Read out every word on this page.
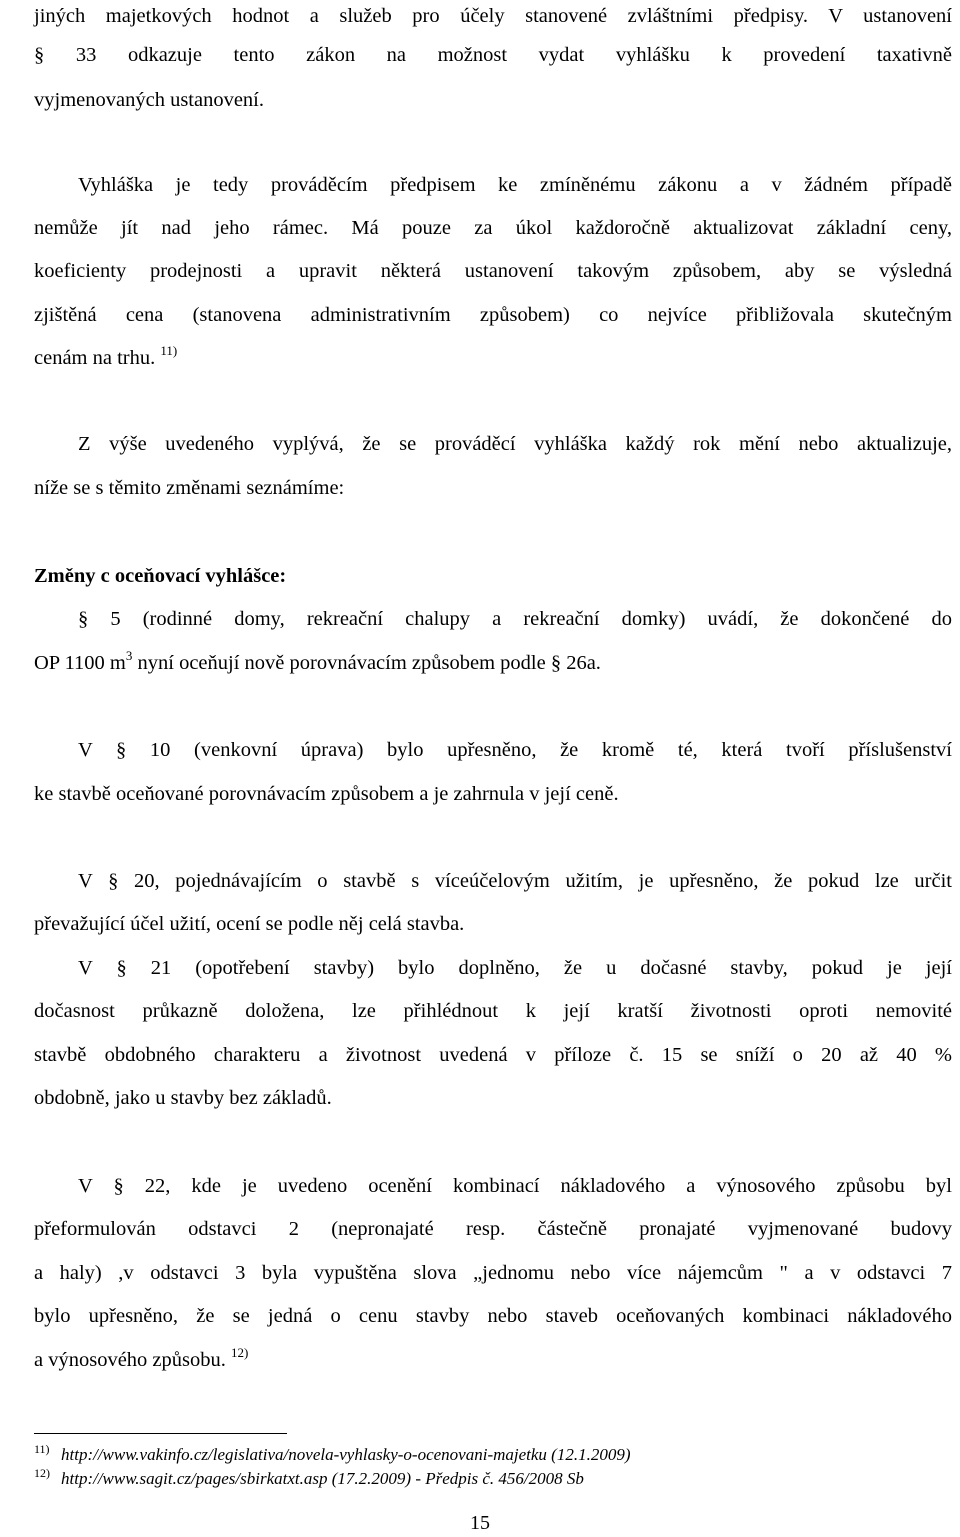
jiných majetkových hodnot a služeb pro účely stanovené zvláštními předpisy. V ustanovení
§ 33 odkazuje tento zákon na možnost vydat vyhlášku k provedení taxativně
vyjmenovaných ustanovení.
Vyhláška je tedy prováděcím předpisem ke zmíněnému zákonu a v žádném případě
nemůže jít nad jeho rámec. Má pouze za úkol každoročně aktualizovat základní ceny,
koeficienty prodejnosti a upravit některá ustanovení takovým způsobem, aby se výsledná
zjištěná cena (stanovena administrativním způsobem) co nejvíce přibližovala skutečným
cenám na trhu. $^{11)}$
Z výše uvedeného vyplývá, že se prováděcí vyhláška každý rok mění nebo aktualizuje,
níže se s těmito změnami seznámíme:
Změny c oceňovací vyhlášce:
§ 5 (rodinné domy, rekreační chalupy a rekreační domky) uvádí, že dokončené do
OP 1100 $m^3$ nyní oceňují nově porovnávacím způsobem podle § 26a.
V § 10 (venkovní úprava) bylo upřesněno, že kromě té, která tvoří příslušenství
ke stavbě oceňované porovnávacím způsobem a je zahrnula v její ceně.
V § 20, pojednávajícím o stavbě s víceúčelovým užitím, je upřesněno, že pokud lze určit
převažující účel užití, ocení se podle něj celá stavba.
V § 21 (opotřebení stavby) bylo doplněno, že u dočasné stavby, pokud je její
dočasnost průkazně doložena, lze přihlédnout k její kratší životnosti oproti nemovité
stavbě obdobného charakteru a životnost uvedená v příloze č. 15 se sníží o 20 až 40 %
obdobně, jako u stavby bez základů.
V § 22, kde je uvedeno ocenění kombinací nákladového a výnosového způsobu byl
přeformulován odstavci 2 (nepronajaté resp. částečně pronajaté vyjmenované budovy
a haly) ,v odstavci 3 byla vypuštěna slova „jednomu nebo více nájemcům " a v odstavci 7
bylo upřesněno, že se jedná o cenu stavby nebo staveb oceňovaných kombinaci nákladového
a výnosového způsobu. $^{12)}$
11) http://www.vakinfo.cz/legislativa/novela-vyhlasky-o-ocenovani-majetku (12.1.2009)
12) http://www.sagit.cz/pages/sbirkatxt.asp (17.2.2009) - Předpis č. 456/2008 Sb
15
